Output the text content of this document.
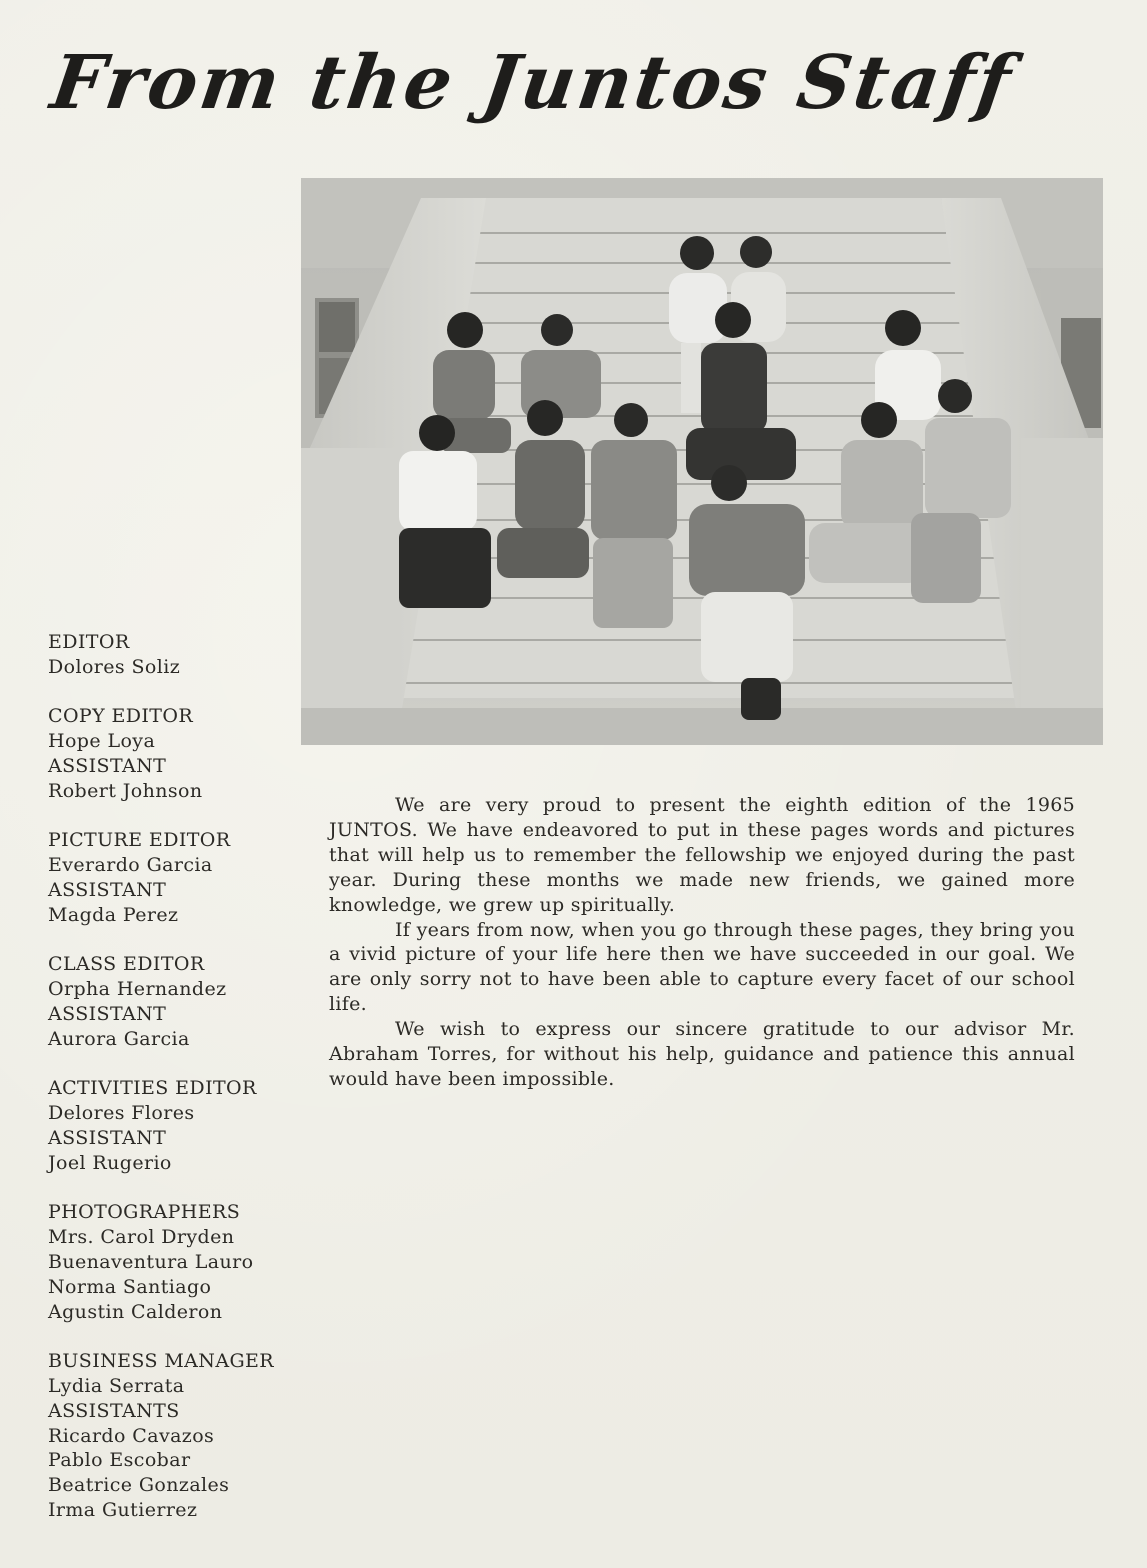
From the Juntos Staff
EDITOR
Dolores Soliz
COPY EDITOR
Hope Loya
ASSISTANT
Robert Johnson
PICTURE EDITOR
Everardo Garcia
ASSISTANT
Magda Perez
CLASS EDITOR
Orpha Hernandez
ASSISTANT
Aurora Garcia
ACTIVITIES EDITOR
Delores Flores
ASSISTANT
Joel Rugerio
PHOTOGRAPHERS
Mrs. Carol Dryden
Buenaventura Lauro
Norma Santiago
Agustin Calderon
BUSINESS MANAGER
Lydia Serrata
ASSISTANTS
Ricardo Cavazos
Pablo Escobar
Beatrice Gonzales
Irma Gutierrez

We are very proud to present the eighth edition of the 1965 JUNTOS. We have endeavored to put in these pages words and pictures that will help us to remember the fellowship we enjoyed during the past year. During these months we made new friends, we gained more knowledge, we grew up spiritually.

If years from now, when you go through these pages, they bring you a vivid picture of your life here then we have succeeded in our goal. We are only sorry not to have been able to capture every facet of our school life.

We wish to express our sincere gratitude to our advisor Mr. Abraham Torres, for without his help, guidance and patience this annual would have been impossible.
